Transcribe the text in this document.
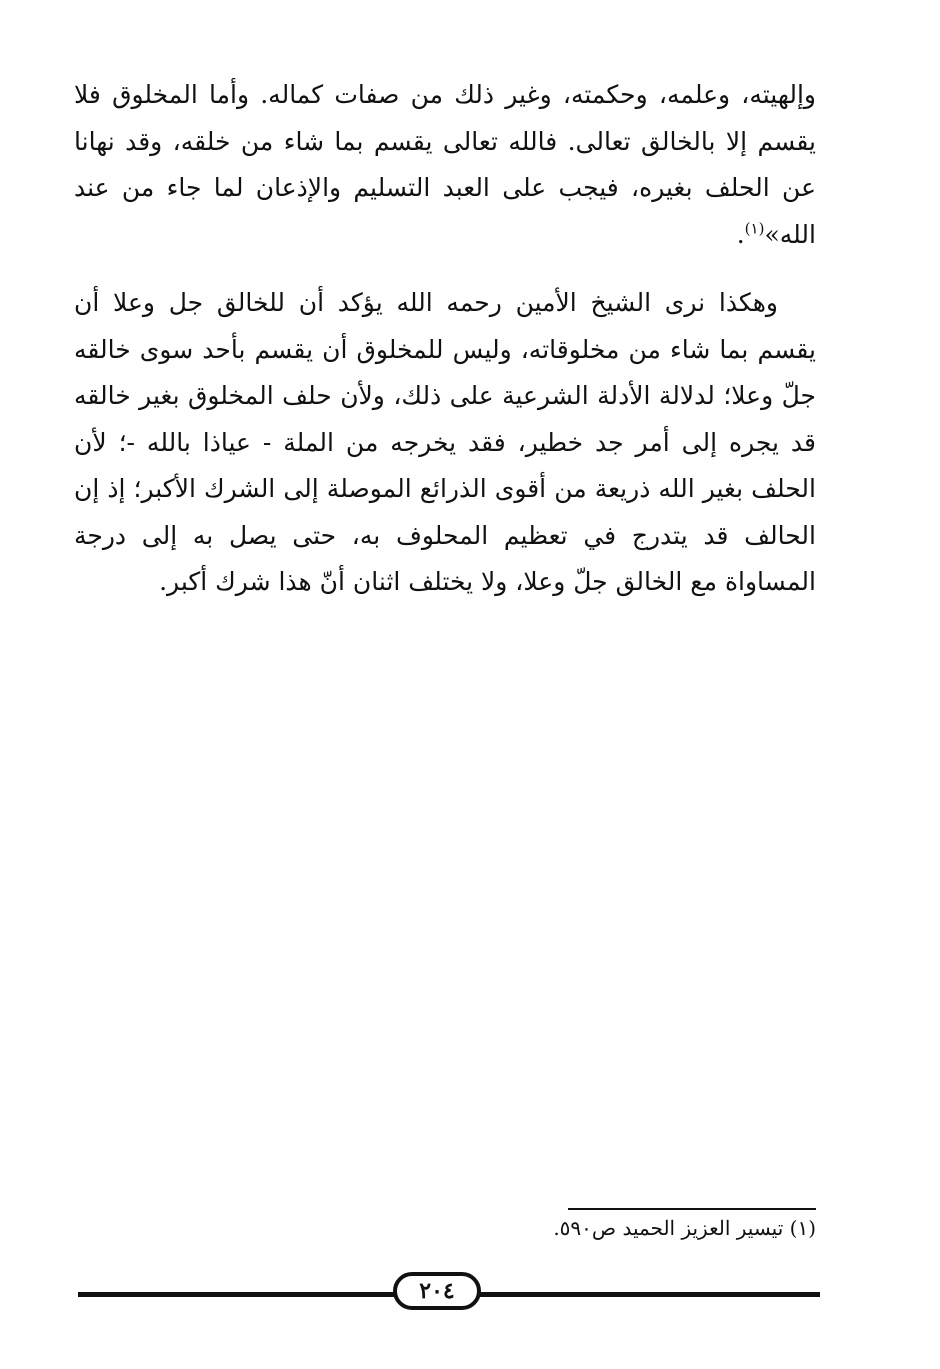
وإلهيته، وعلمه، وحكمته، وغير ذلك من صفات كماله. وأما المخلوق فلا يقسم إلا بالخالق تعالى. فالله تعالى يقسم بما شاء من خلقه، وقد نهانا عن الحلف بغيره، فيجب على العبد التسليم والإذعان لما جاء من عند الله»$^{(١)}$.

وهكذا نرى الشيخ الأمين رحمه الله يؤكد أن للخالق جل وعلا أن يقسم بما شاء من مخلوقاته، وليس للمخلوق أن يقسم بأحد سوى خالقه جلّ وعلا؛ لدلالة الأدلة الشرعية على ذلك، ولأن حلف المخلوق بغير خالقه قد يجره إلى أمر جد خطير، فقد يخرجه من الملة - عياذا بالله -؛ لأن الحلف بغير الله ذريعة من أقوى الذرائع الموصلة إلى الشرك الأكبر؛ إذ إن الحالف قد يتدرج في تعظيم المحلوف به، حتى يصل به إلى درجة المساواة مع الخالق جلّ وعلا، ولا يختلف اثنان أنّ هذا شرك أكبر.

(١) تيسير العزيز الحميد ص٥٩٠.
٢٠٤
